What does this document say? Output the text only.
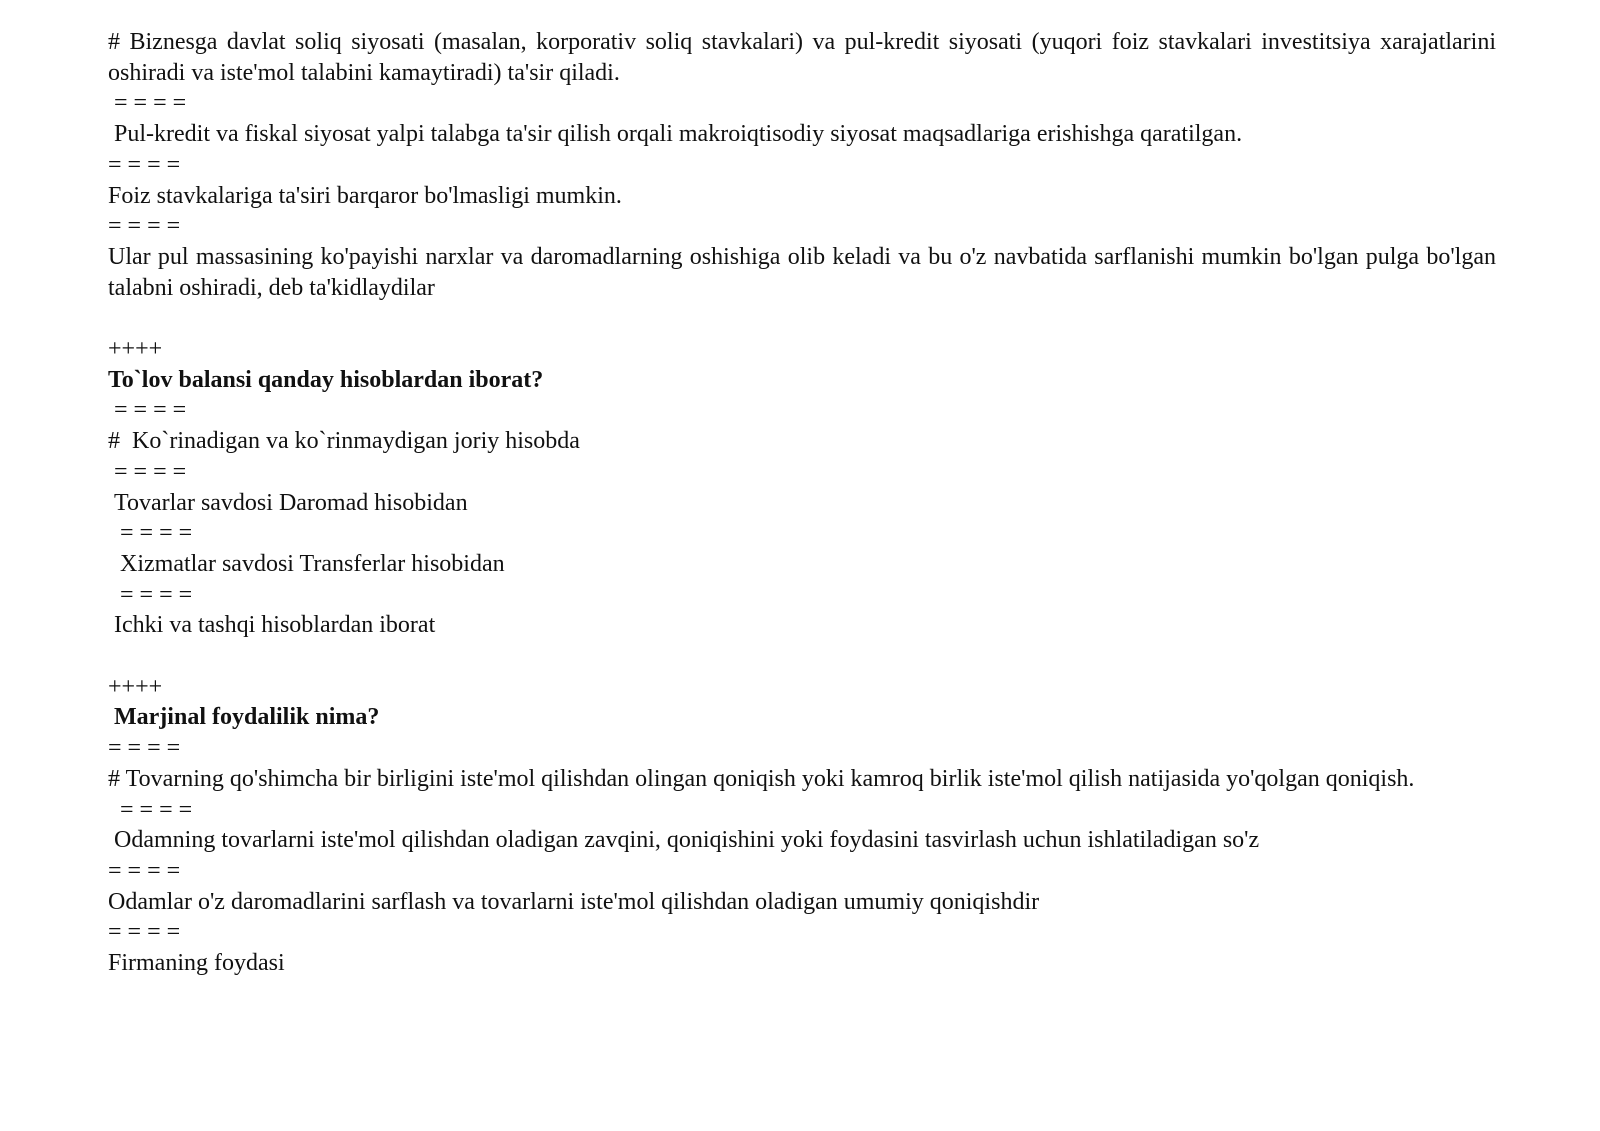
# Biznesga davlat soliq siyosati (masalan, korporativ soliq stavkalari) va pul-kredit siyosati (yuqori foiz stavkalari investitsiya xarajatlarini oshiradi va iste'mol talabini kamaytiradi) ta'sir qiladi.

= = = =

Pul-kredit va fiskal siyosat yalpi talabga ta'sir qilish orqali makroiqtisodiy siyosat maqsadlariga erishishga qaratilgan.

= = = =

Foiz stavkalariga ta'siri barqaror bo'lmasligi mumkin.

= = = =

Ular pul massasining ko'payishi narxlar va daromadlarning oshishiga olib keladi va bu o'z navbatida sarflanishi mumkin bo'lgan pulga bo'lgan talabni oshiradi, deb ta'kidlaydilar

++++

To`lov balansi qanday hisoblardan iborat?

= = = =

#  Ko`rinadigan va ko`rinmaydigan joriy hisobda

= = = =

Tovarlar savdosi Daromad hisobidan

= = = =

Xizmatlar savdosi Transferlar hisobidan

= = = =

Ichki va tashqi hisoblardan iborat

++++

Marjinal foydalilik nima?

= = = =

# Tovarning qo'shimcha bir birligini iste'mol qilishdan olingan qoniqish yoki kamroq birlik iste'mol qilish natijasida yo'qolgan qoniqish.

= = = =

Odamning tovarlarni iste'mol qilishdan oladigan zavqini, qoniqishini yoki foydasini tasvirlash uchun ishlatiladigan so'z

= = = =

Odamlar o'z daromadlarini sarflash va tovarlarni iste'mol qilishdan oladigan umumiy qoniqishdir

= = = =

Firmaning foydasi
